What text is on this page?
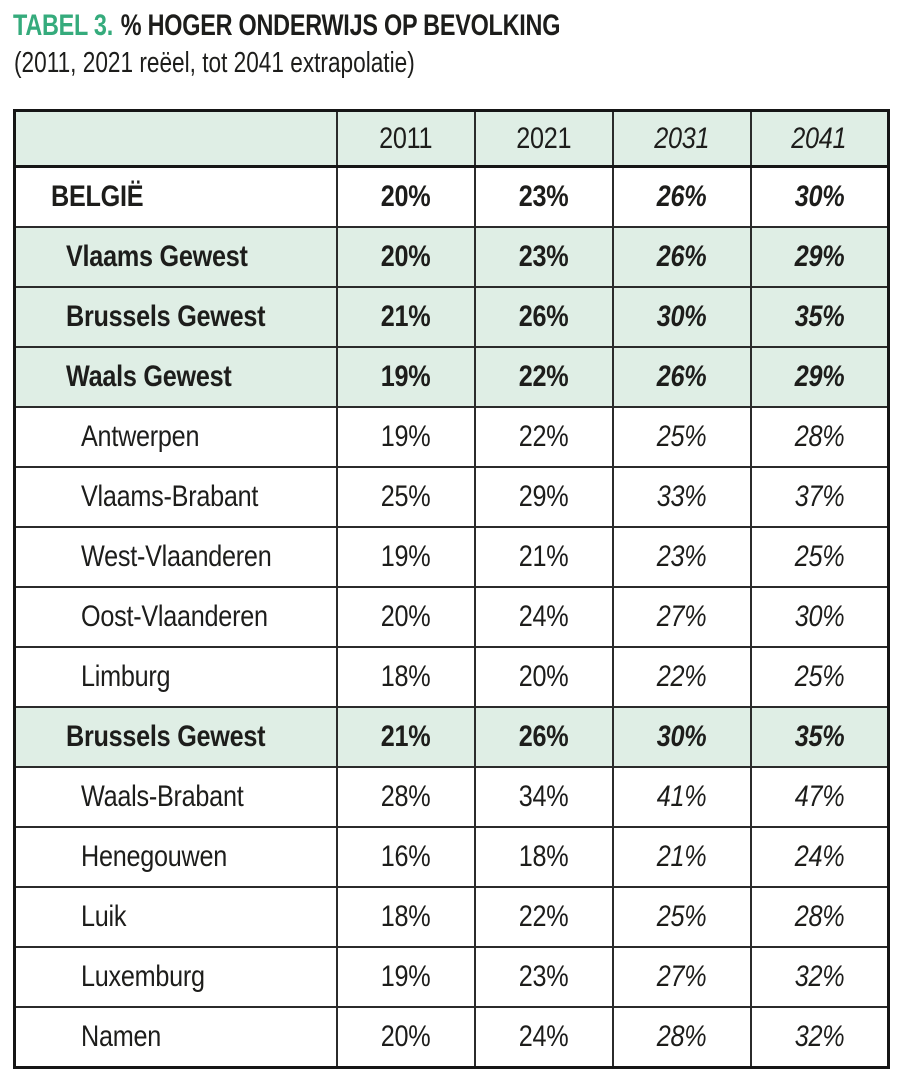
TABEL 3. % HOGER ONDERWIJS OP BEVOLKING
(2011, 2021 reëel, tot 2041 extrapolatie)
	2011	2021	2031	2041
BELGIË	20%	23%	26%	30%
Vlaams Gewest	20%	23%	26%	29%
Brussels Gewest	21%	26%	30%	35%
Waals Gewest	19%	22%	26%	29%
Antwerpen	19%	22%	25%	28%
Vlaams-Brabant	25%	29%	33%	37%
West-Vlaanderen	19%	21%	23%	25%
Oost-Vlaanderen	20%	24%	27%	30%
Limburg	18%	20%	22%	25%
Brussels Gewest	21%	26%	30%	35%
Waals-Brabant	28%	34%	41%	47%
Henegouwen	16%	18%	21%	24%
Luik	18%	22%	25%	28%
Luxemburg	19%	23%	27%	32%
Namen	20%	24%	28%	32%
